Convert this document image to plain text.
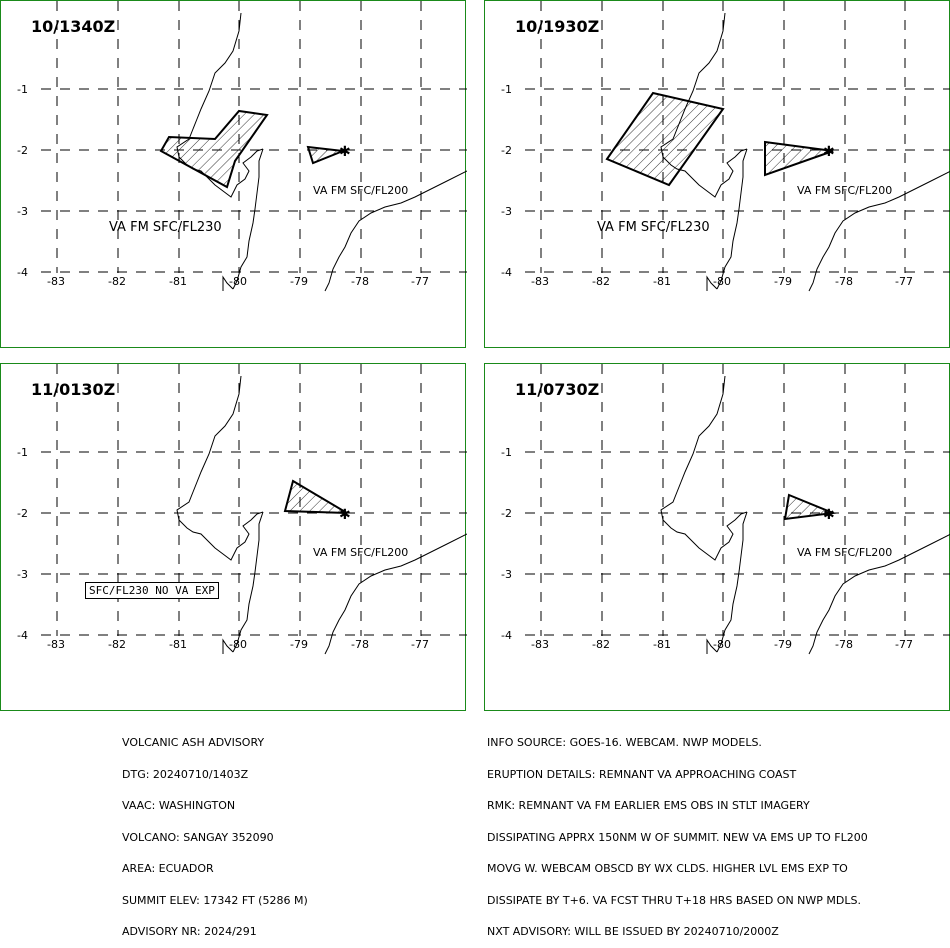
-1
-2
-3
-4
-83	-82	-81	-80	-79	-78	-77
✱
10/1340Z
VA FM SFC/FL230
VA FM SFC/FL200
-1
-2
-3
-4
-83	-82	-81	-80	-79	-78	-77
✱
10/1930Z
VA FM SFC/FL230
VA FM SFC/FL200
-1
-2
-3
-4
-83	-82	-81	-80	-79	-78	-77
✱
11/0130Z
SFC/FL230 NO VA EXP
VA FM SFC/FL200
-1
-2
-3
-4
-83	-82	-81	-80	-79	-78	-77
✱
11/0730Z
VA FM SFC/FL200

VOLCANIC ASH ADVISORY

DTG: 20240710/1403Z

VAAC: WASHINGTON

VOLCANO: SANGAY 352090

AREA: ECUADOR

SUMMIT ELEV: 17342 FT (5286 M)

ADVISORY NR: 2024/291

INFO SOURCE: GOES-16. WEBCAM. NWP MODELS.

ERUPTION DETAILS: REMNANT VA APPROACHING COAST

RMK: REMNANT VA FM EARLIER EMS OBS IN STLT IMAGERY

DISSIPATING APPRX 150NM W OF SUMMIT. NEW VA EMS UP TO FL200

MOVG W. WEBCAM OBSCD BY WX CLDS. HIGHER LVL EMS EXP TO

DISSIPATE BY T+6. VA FCST THRU T+18 HRS BASED ON NWP MDLS.

NXT ADVISORY: WILL BE ISSUED BY 20240710/2000Z
